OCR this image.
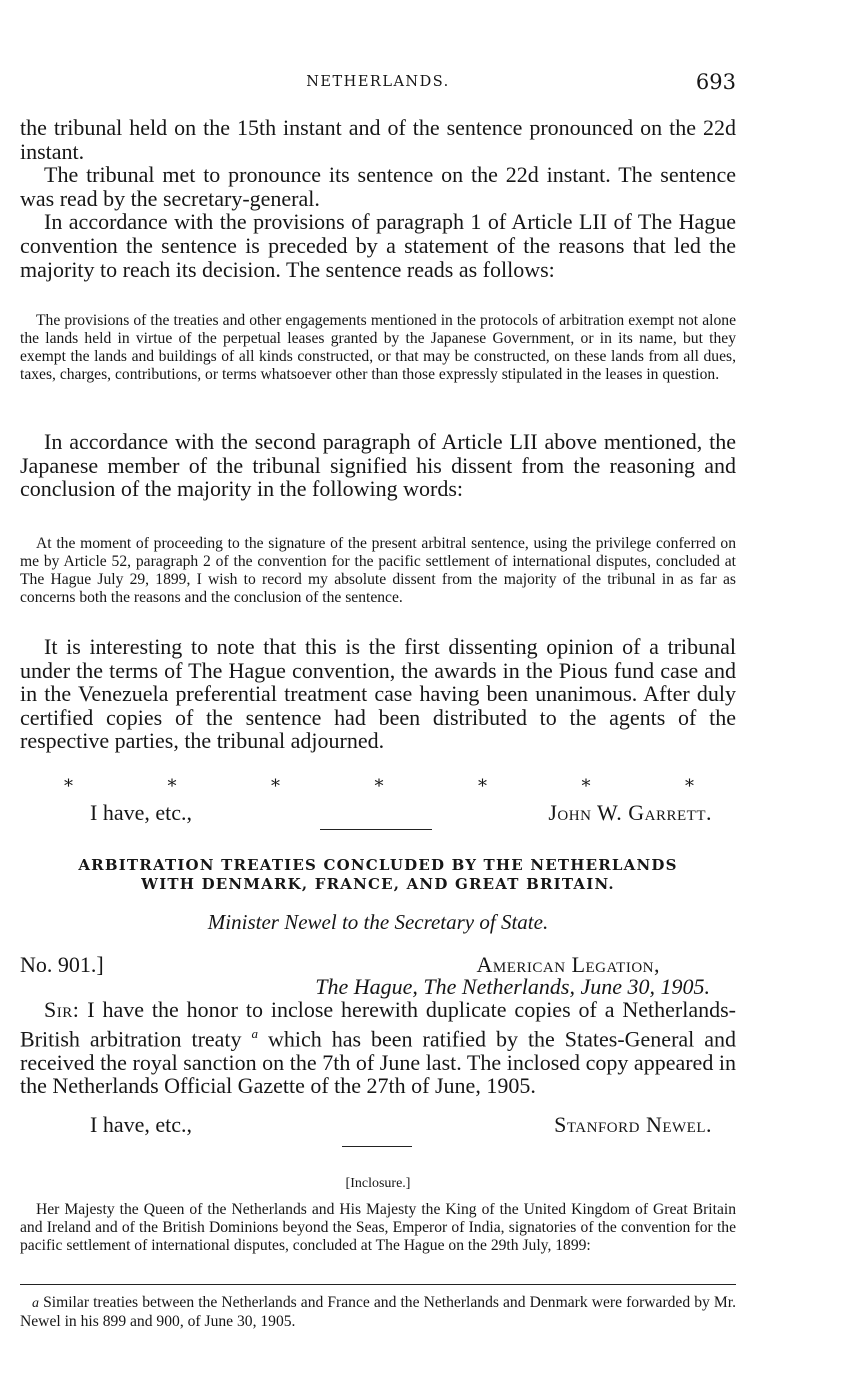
NETHERLANDS.	693

the tribunal held on the 15th instant and of the sentence pronounced on the 22d instant.

The tribunal met to pronounce its sentence on the 22d instant. The sentence was read by the secretary-general.

In accordance with the provisions of paragraph 1 of Article LII of The Hague convention the sentence is preceded by a statement of the reasons that led the majority to reach its decision. The sentence reads as follows:

The provisions of the treaties and other engagements mentioned in the protocols of arbitration exempt not alone the lands held in virtue of the perpetual leases granted by the Japanese Government, or in its name, but they exempt the lands and buildings of all kinds constructed, or that may be constructed, on these lands from all dues, taxes, charges, contributions, or terms whatsoever other than those expressly stipulated in the leases in question.

In accordance with the second paragraph of Article LII above mentioned, the Japanese member of the tribunal signified his dissent from the reasoning and conclusion of the majority in the following words:

At the moment of proceeding to the signature of the present arbitral sentence, using the privilege conferred on me by Article 52, paragraph 2 of the convention for the pacific settlement of international disputes, concluded at The Hague July 29, 1899, I wish to record my absolute dissent from the majority of the tribunal in as far as concerns both the reasons and the conclusion of the sentence.

It is interesting to note that this is the first dissenting opinion of a tribunal under the terms of The Hague convention, the awards in the Pious fund case and in the Venezuela preferential treatment case having been unanimous. After duly certified copies of the sentence had been distributed to the agents of the respective parties, the tribunal adjourned.

*	*	*	*	*	*	*
I have, etc.,	John W. Garrett.
ARBITRATION TREATIES CONCLUDED BY THE NETHERLANDS
WITH DENMARK, FRANCE, AND GREAT BRITAIN.
Minister Newel to the Secretary of State.
No. 901.]	American Legation,
The Hague, The Netherlands, June 30, 1905.

Sir: I have the honor to inclose herewith duplicate copies of a Netherlands-British arbitration treaty $^a$ which has been ratified by the States-General and received the royal sanction on the 7th of June last. The inclosed copy appeared in the Netherlands Official Gazette of the 27th of June, 1905.

I have, etc.,	Stanford Newel.
[Inclosure.]

Her Majesty the Queen of the Netherlands and His Majesty the King of the United Kingdom of Great Britain and Ireland and of the British Dominions beyond the Seas, Emperor of India, signatories of the convention for the pacific settlement of international disputes, concluded at The Hague on the 29th July, 1899:

a Similar treaties between the Netherlands and France and the Netherlands and Denmark were forwarded by Mr. Newel in his 899 and 900, of June 30, 1905.
